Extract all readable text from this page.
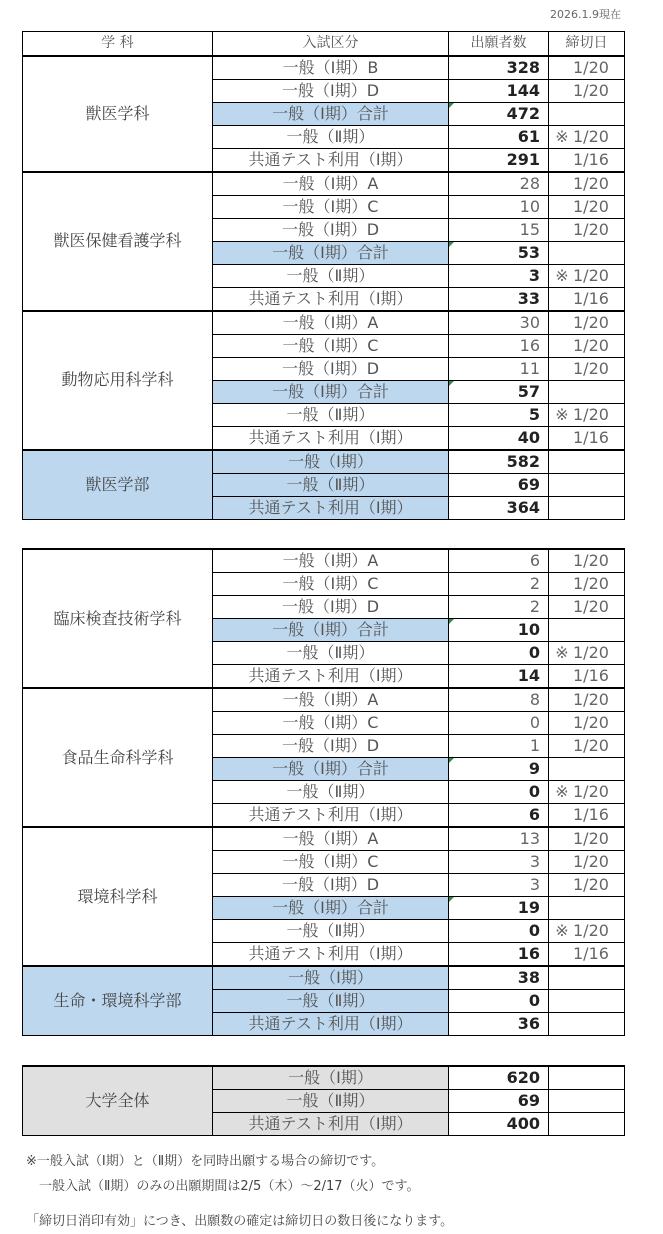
2026.1.9現在
学 科	入試区分	出願者数	締切日
獣医学科	一般（Ⅰ期）B	328	1/20
	一般（Ⅰ期）D	144	1/20
	一般（Ⅰ期）合計	472	
	一般（Ⅱ期）	61	※ 1/20
	共通テスト利用（Ⅰ期）	291	1/16
獣医保健看護学科	一般（Ⅰ期）A	28	1/20
	一般（Ⅰ期）C	10	1/20
	一般（Ⅰ期）D	15	1/20
	一般（Ⅰ期）合計	53	
	一般（Ⅱ期）	3	※ 1/20
	共通テスト利用（Ⅰ期）	33	1/16
動物応用科学科	一般（Ⅰ期）A	30	1/20
	一般（Ⅰ期）C	16	1/20
	一般（Ⅰ期）D	11	1/20
	一般（Ⅰ期）合計	57	
	一般（Ⅱ期）	5	※ 1/20
	共通テスト利用（Ⅰ期）	40	1/16
獣医学部	一般（Ⅰ期）	582	
	一般（Ⅱ期）	69	
	共通テスト利用（Ⅰ期）	364	
臨床検査技術学科	一般（Ⅰ期）A	6	1/20
	一般（Ⅰ期）C	2	1/20
	一般（Ⅰ期）D	2	1/20
	一般（Ⅰ期）合計	10	
	一般（Ⅱ期）	0	※ 1/20
	共通テスト利用（Ⅰ期）	14	1/16
食品生命科学科	一般（Ⅰ期）A	8	1/20
	一般（Ⅰ期）C	0	1/20
	一般（Ⅰ期）D	1	1/20
	一般（Ⅰ期）合計	9	
	一般（Ⅱ期）	0	※ 1/20
	共通テスト利用（Ⅰ期）	6	1/16
環境科学科	一般（Ⅰ期）A	13	1/20
	一般（Ⅰ期）C	3	1/20
	一般（Ⅰ期）D	3	1/20
	一般（Ⅰ期）合計	19	
	一般（Ⅱ期）	0	※ 1/20
	共通テスト利用（Ⅰ期）	16	1/16
生命・環境科学部	一般（Ⅰ期）	38	
	一般（Ⅱ期）	0	
	共通テスト利用（Ⅰ期）	36	
大学全体	一般（Ⅰ期）	620	
	一般（Ⅱ期）	69	
	共通テスト利用（Ⅰ期）	400	
※一般入試（Ⅰ期）と（Ⅱ期）を同時出願する場合の締切です。
　一般入試（Ⅱ期）のみの出願期間は2/5（木）～2/17（火）です。
「締切日消印有効」につき、出願数の確定は締切日の数日後になります。
